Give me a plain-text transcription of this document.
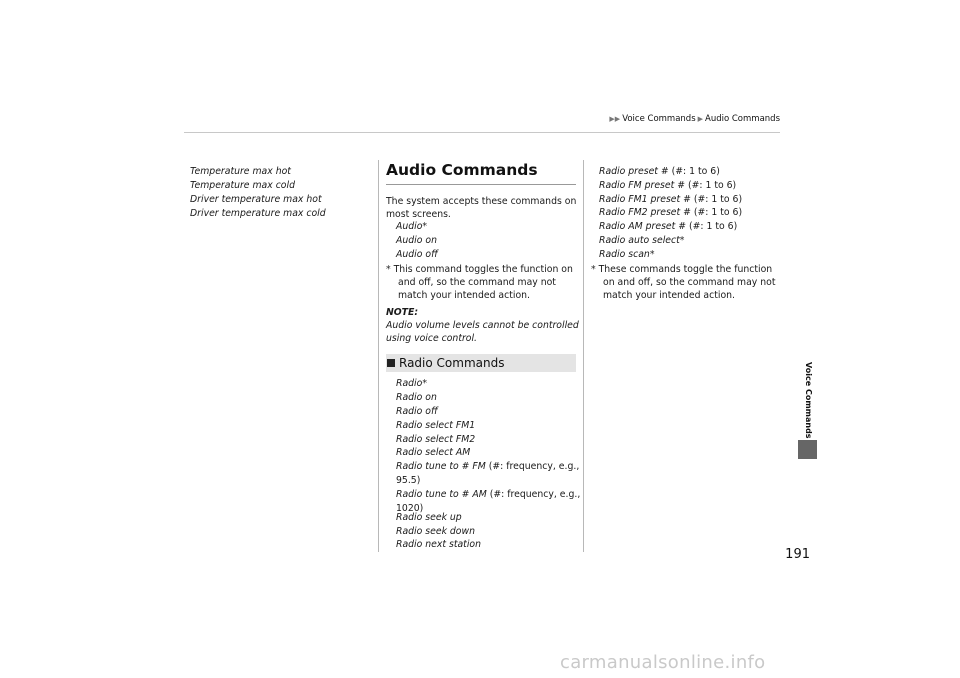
▶▶ Voice Commands ▶ Audio Commands
Temperature max hot
Temperature max cold
Driver temperature max hot
Driver temperature max cold
Audio Commands
The system accepts these commands on
most screens.
Audio*
Audio on
Audio off
* This command toggles the function on
and off, so the command may not
match your intended action.
NOTE:
Audio volume levels cannot be controlled
using voice control.
Radio Commands
Radio*
Radio on
Radio off
Radio select FM1
Radio select FM2
Radio select AM
Radio tune to # FM (#: frequency, e.g.,
95.5)
Radio tune to # AM (#: frequency, e.g.,
1020)
Radio seek up
Radio seek down
Radio next station
Radio preset # (#: 1 to 6)
Radio FM preset # (#: 1 to 6)
Radio FM1 preset # (#: 1 to 6)
Radio FM2 preset # (#: 1 to 6)
Radio AM preset # (#: 1 to 6)
Radio auto select*
Radio scan*
* These commands toggle the function
on and off, so the command may not
match your intended action.
Voice Commands
191
carmanualsonline.info
